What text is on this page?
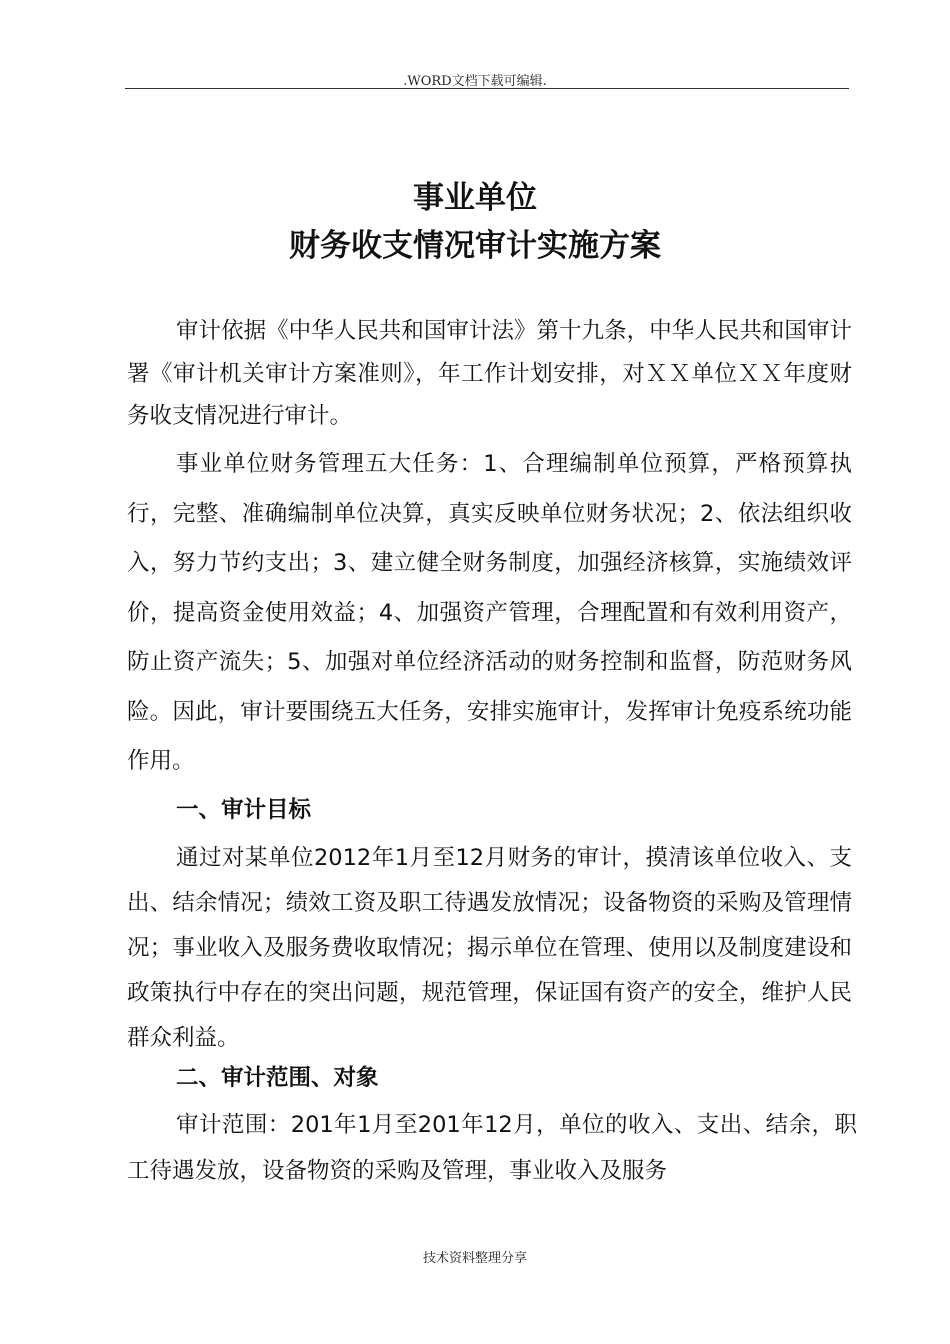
.WORD文档下载可编辑.
事业单位
财务收支情况审计实施方案

审计依据《中华人民共和国审计法》第十九条，中华人民共和国审计署《审计机关审计方案准则》，年工作计划安排，对ＸＸ单位ＸＸ年度财务收支情况进行审计。

事业单位财务管理五大任务：1、合理编制单位预算，严格预算执行，完整、准确编制单位决算，真实反映单位财务状况；2、依法组织收入，努力节约支出；3、建立健全财务制度，加强经济核算，实施绩效评价，提高资金使用效益；4、加强资产管理，合理配置和有效利用资产，防止资产流失；5、加强对单位经济活动的财务控制和监督，防范财务风险。因此，审计要围绕五大任务，安排实施审计，发挥审计免疫系统功能作用。

一、审计目标

通过对某单位2012年1月至12月财务的审计，摸清该单位收入、支出、结余情况；绩效工资及职工待遇发放情况；设备物资的采购及管理情况；事业收入及服务费收取情况；揭示单位在管理、使用以及制度建设和政策执行中存在的突出问题，规范管理，保证国有资产的安全，维护人民群众利益。

二、审计范围、对象

审计范围：201年1月至201年12月，单位的收入、支出、结余，职工待遇发放，设备物资的采购及管理，事业收入及服务

技术资料整理分享
